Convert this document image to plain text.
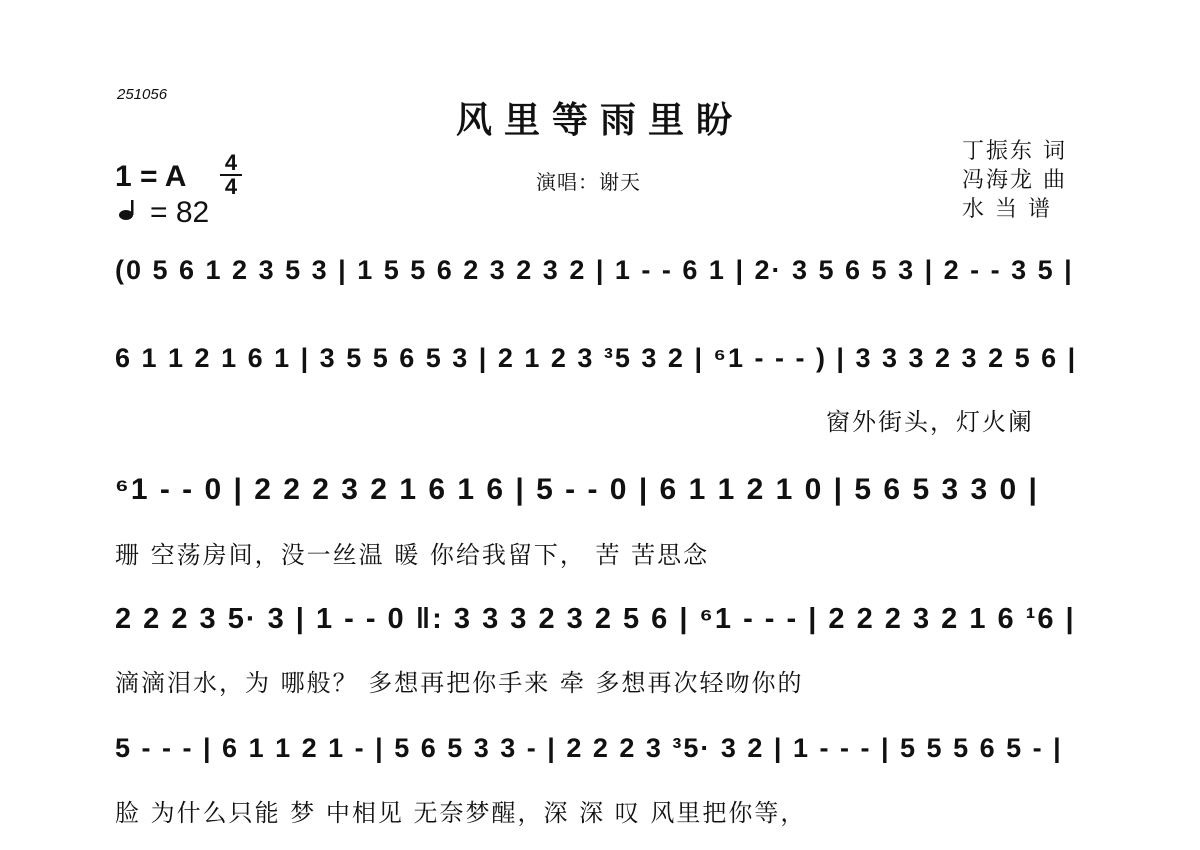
251056
风里等雨里盼
演唱：谢天
丁振东 词
冯海龙 曲
水 当 谱
1 = A	4
4
= 82
(0 5 6 1 2 3 5 3 | 1 5 5 6 2 3 2 3 2 | 1 - - 6 1 | 2· 3 5 6 5 3 | 2 - - 3 5 |
6 1 1 2 1 6 1 | 3 5 5 6 5 3 | 2 1 2 3 ³5 3 2 | ⁶1 - - - ) | 3 3 3 2 3 2 5 6 |
窗外街头，灯火阑
⁶1 - - 0 | 2 2 2 3 2 1 6 1 6 | 5 - - 0 | 6 1 1 2 1 0 | 5 6 5 3 3 0 |
珊 空荡房间，没一丝温 暖 你给我留下， 苦 苦思念
2 2 2 3 5· 3 | 1 - - 0 ‖: 3 3 3 2 3 2 5 6 | ⁶1 - - - | 2 2 2 3 2 1 6 ¹6 |
滴滴泪水，为 哪般？ 多想再把你手来 牵 多想再次轻吻你的
5 - - - | 6 1 1 2 1 - | 5 6 5 3 3 - | 2 2 2 3 ³5· 3 2 | 1 - - - | 5 5 5 6 5 - |
脸 为什么只能 梦 中相见 无奈梦醒，深 深 叹 风里把你等，
